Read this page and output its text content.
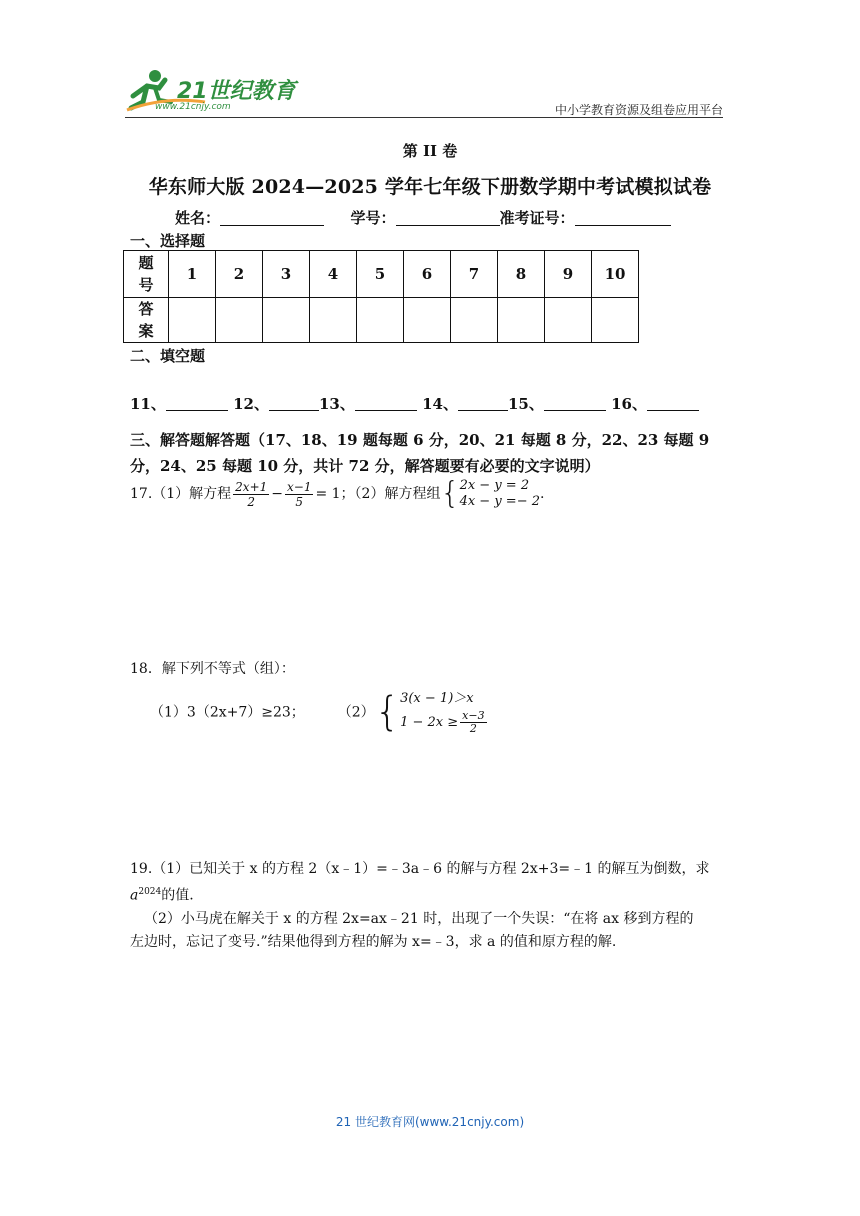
21世纪教育
www.21cnjy.com	中小学教育资源及组卷应用平台
第 II 卷
华东师大版 2024—2025 学年七年级下册数学期中考试模拟试卷
姓名：	学号：	准考证号：
一、选择题
题
号	1	2	3	4	5	6	7	8	9	10
答
案										
二、填空题
11、	12、	13、	14、	15、	16、
三、解答题解答题（17、18、19 题每题 6 分，20、21 每题 8 分，22、23 每题 9
分，24、25 每题 10 分，共计 72 分，解答题要有必要的文字说明）
17.（1）解方程 $\frac{2x+1}{2} - \frac{x-1}{5} = 1$；（2）解方程组{2x − y = 2
4x − y =− 2.
18．解下列不等式（组）：
（1）3（2x+7）≥23； （2）{3(x − 1)＞x
$1 - 2x \ge \frac{x-3}{2}$
19.（1）已知关于 x 的方程 2（x﹣1）=﹣3a﹣6 的解与方程 2x+3=﹣1 的解互为倒数，求
$a^{2024}$的值.
（2）小马虎在解关于 x 的方程 2x=ax﹣21 时，出现了一个失误：“在将 ax 移到方程的
左边时，忘记了变号.”结果他得到方程的解为 x=﹣3，求 a 的值和原方程的解.
21 世纪教育网(www.21cnjy.com)
